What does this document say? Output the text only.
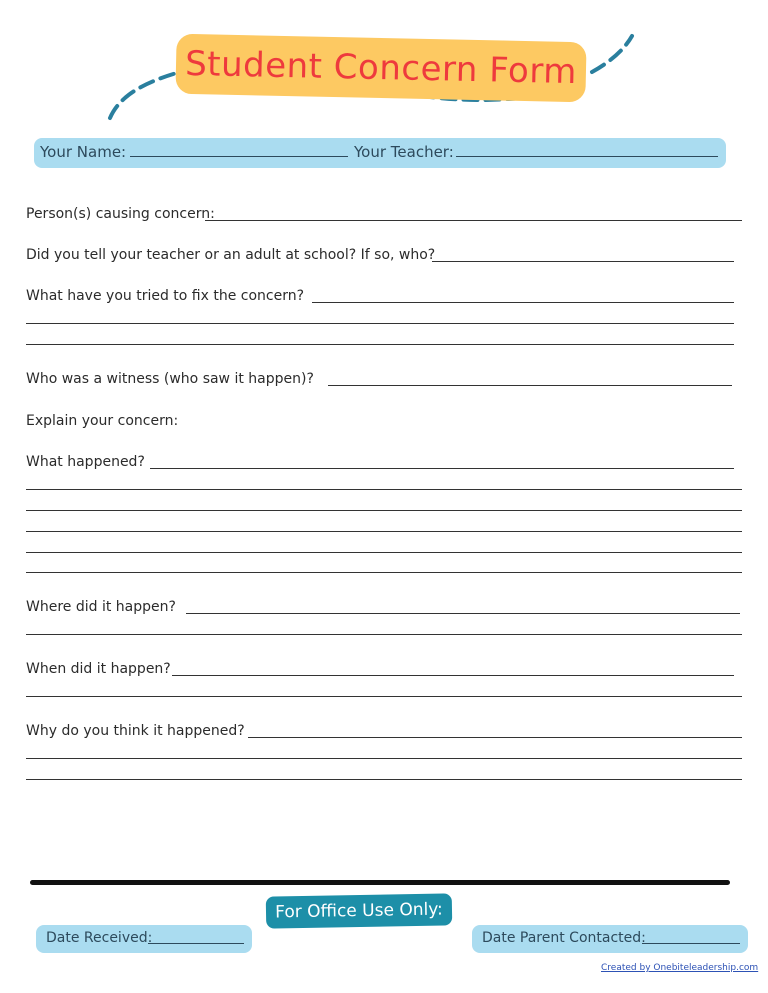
Student Concern Form
Your Name:	Your Teacher:
Person(s) causing concern:
Did you tell your teacher or an adult at school? If so, who?
What have you tried to fix the concern?
Who was a witness (who saw it happen)?
Explain your concern:
What happened?
Where did it happen?
When did it happen?
Why do you think it happened?
For Office Use Only:
Date Received:	Date Parent Contacted:
Created by Onebiteleadership.com
